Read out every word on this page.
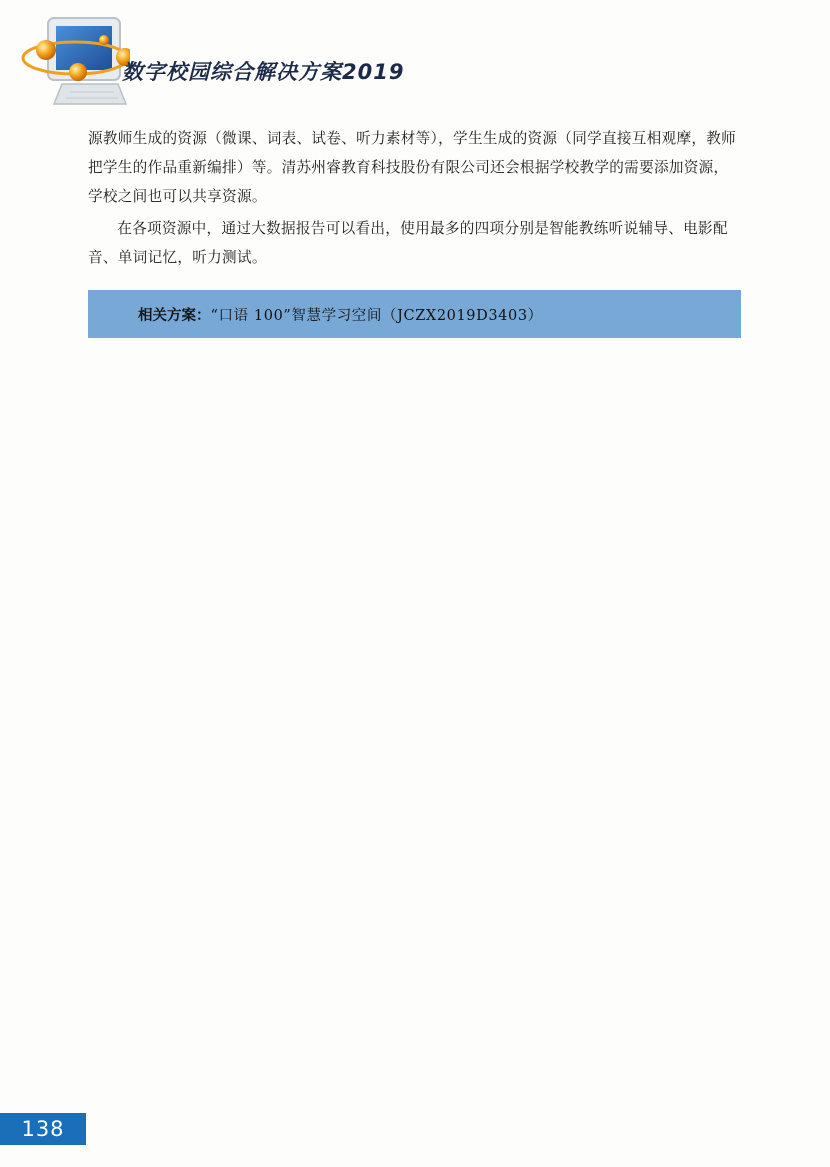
数字校园综合解决方案2019

源教师生成的资源（微课、词表、试卷、听力素材等），学生生成的资源（同学直接互相观摩，教师把学生的作品重新编排）等。清苏州睿教育科技股份有限公司还会根据学校教学的需要添加资源，学校之间也可以共享资源。

在各项资源中，通过大数据报告可以看出，使用最多的四项分别是智能教练听说辅导、电影配音、单词记忆，听力测试。

相关方案： “口语 100”智慧学习空间（JCZX2019D3403）
138
